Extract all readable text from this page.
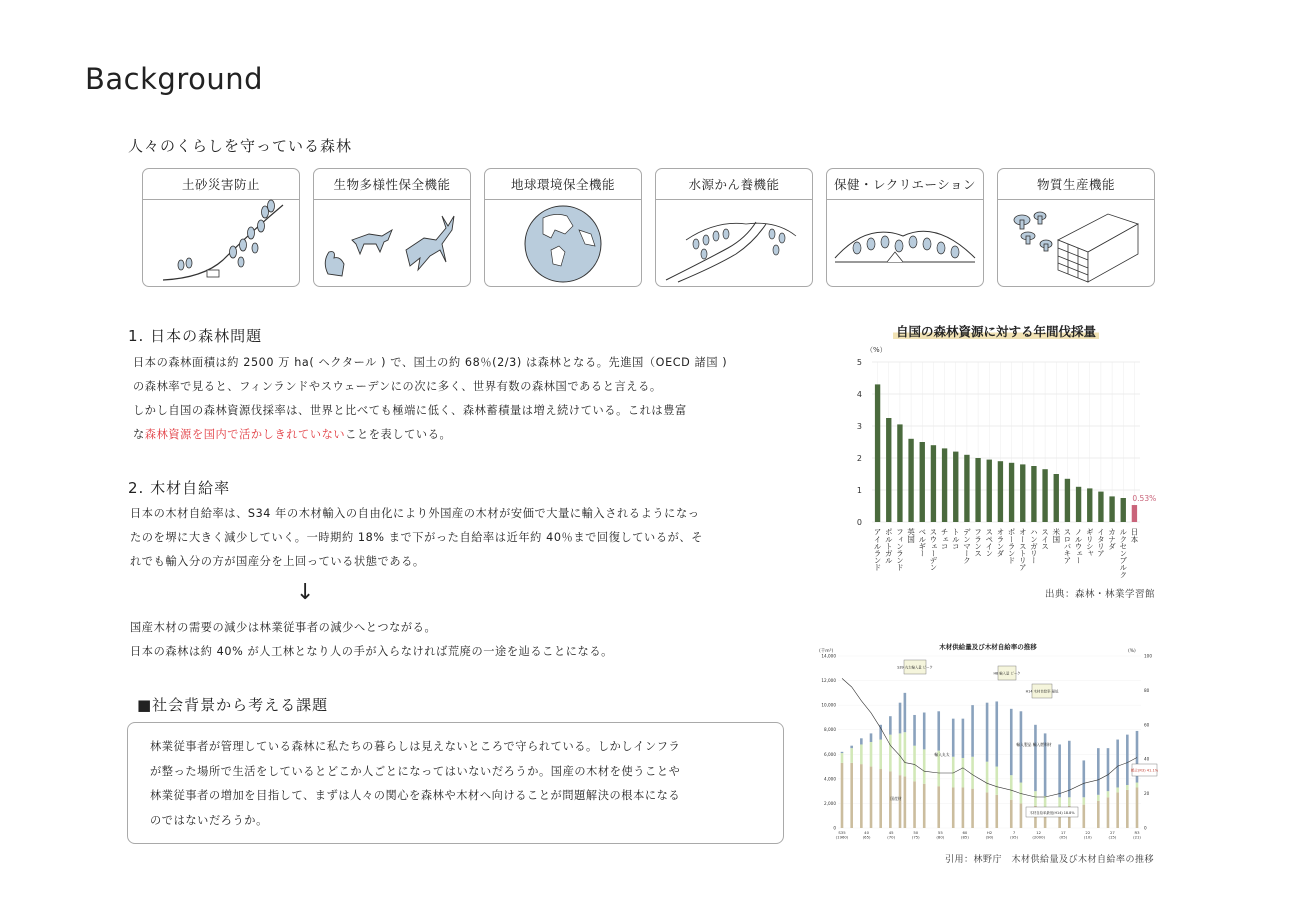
Background
人々のくらしを守っている森林
土砂災害防止	生物多様性保全機能	地球環境保全機能	水源かん養機能	保健・レクリエーション	物質生産機能
1. 日本の森林問題
日本の森林面積は約 2500 万 ha( ヘクタール ) で、国土の約 68％(2/3) は森林となる。先進国（OECD 諸国 )
の森林率で見ると、フィンランドやスウェーデンにの次に多く、世界有数の森林国であると言える。
しかし自国の森林資源伐採率は、世界と比べても極端に低く、森林蓄積量は増え続けている。これは豊富
な森林資源を国内で活かしきれていないことを表している。
2. 木材自給率
日本の木材自給率は、S34 年の木材輸入の自由化により外国産の木材が安価で大量に輸入されるようになっ
たのを堺に大きく減少していく。一時期約 18% まで下がった自給率は近年約 40％まで回復しているが、そ
れでも輸入分の方が国産分を上回っている状態である。
↓
国産木材の需要の減少は林業従事者の減少へとつながる。
日本の森林は約 40% が人工林となり人の手が入らなければ荒廃の一途を辿ることになる。
■社会背景から考える課題
林業従事者が管理している森林に私たちの暮らしは見えないところで守られている。しかしインフラ
が整った場所で生活をしているとどこか人ごとになってはいないだろうか。国産の木材を使うことや
林業従事者の増加を目指して、まずは人々の関心を森林や木材へ向けることが問題解決の根本になる
のではないだろうか。
自国の森林資源に対する年間伐採量
（%）
0
1
2
3
4
5
アイルランド ポルトガル フィンランド 英国 ベルギー スウェーデン チェコ トルコ デンマーク フランス スペイン オランダ ポーランド オーストリア ハンガリー スイス 米国 スロバキア ノルウェー ギリシャ イタリア カナダ ルクセンブルク 日本
0.53%
出典：森林・林業学習館
木材供給量及び木材自給率の推移
(千m³)	(%)
0
2,000
4,000
6,000
8,000
10,000
12,000
14,000
0
20
40
60
80
100
S35
(1960)
40
(65)
45
(70)
50
(75)
55
(80)
60
(85)
H2
(90)
7
(95)
12
(2000)
17
(05)
22
(10)
27
(15)
R3
(21)
S39 丸太輸入量 ピーク
H8 輸入量 ピーク
H14 木材自給率 最低
木材自給率最低(H14) 18.8%
国産材
輸入丸太
輸入製品 輸入燃料材
鶴立(R3) 41.1%
引用：林野庁　木材供給量及び木材自給率の推移
